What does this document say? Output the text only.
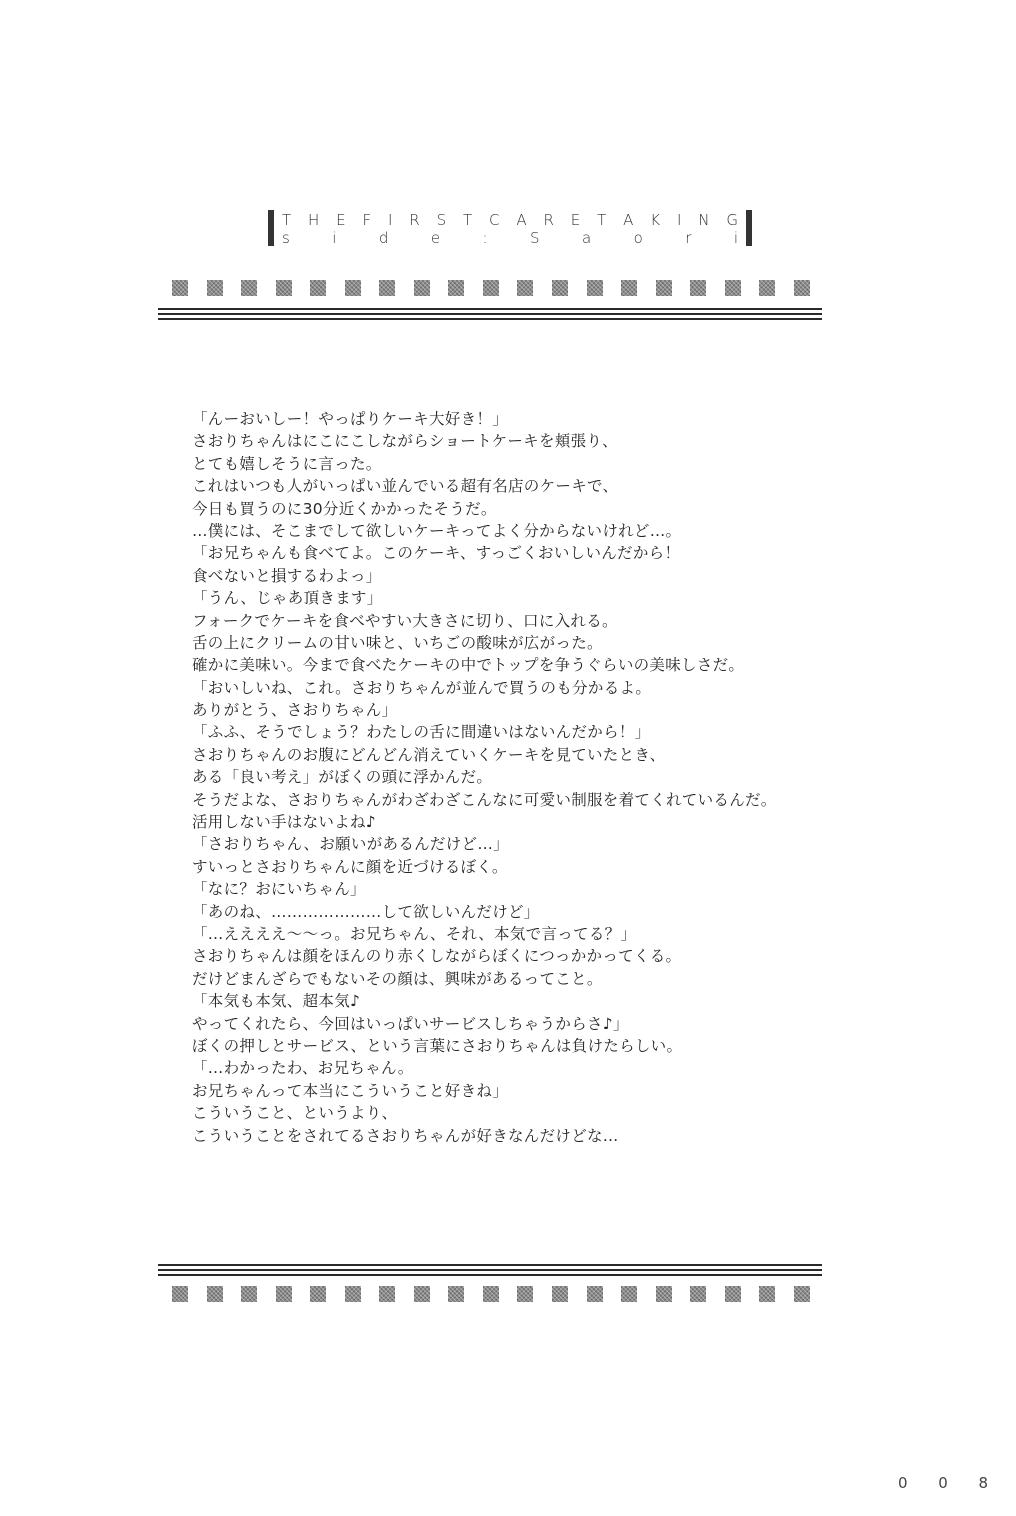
T H E F I R S T C A R E T A K I N G
s i d e : S a o r i
「んーおいしー！やっぱりケーキ大好き！」
さおりちゃんはにこにこしながらショートケーキを頬張り、
とても嬉しそうに言った。
これはいつも人がいっぱい並んでいる超有名店のケーキで、
今日も買うのに30分近くかかったそうだ。
…僕には、そこまでして欲しいケーキってよく分からないけれど…。
「お兄ちゃんも食べてよ。このケーキ、すっごくおいしいんだから！
食べないと損するわよっ」
「うん、じゃあ頂きます」
フォークでケーキを食べやすい大きさに切り、口に入れる。
舌の上にクリームの甘い味と、いちごの酸味が広がった。
確かに美味い。今まで食べたケーキの中でトップを争うぐらいの美味しさだ。
「おいしいね、これ。さおりちゃんが並んで買うのも分かるよ。
ありがとう、さおりちゃん」
「ふふ、そうでしょう？わたしの舌に間違いはないんだから！」
さおりちゃんのお腹にどんどん消えていくケーキを見ていたとき、
ある「良い考え」がぼくの頭に浮かんだ。
そうだよな、さおりちゃんがわざわざこんなに可愛い制服を着てくれているんだ。
活用しない手はないよね♪
「さおりちゃん、お願いがあるんだけど…」
すいっとさおりちゃんに顔を近づけるぼく。
「なに？おにいちゃん」
「あのね、…………………して欲しいんだけど」
「…ええええ～～っ。お兄ちゃん、それ、本気で言ってる？」
さおりちゃんは顔をほんのり赤くしながらぼくにつっかかってくる。
だけどまんざらでもないその顔は、興味があるってこと。
「本気も本気、超本気♪
やってくれたら、今回はいっぱいサービスしちゃうからさ♪」
ぼくの押しとサービス、という言葉にさおりちゃんは負けたらしい。
「…わかったわ、お兄ちゃん。
お兄ちゃんって本当にこういうこと好きね」
こういうこと、というより、
こういうことをされてるさおりちゃんが好きなんだけどな…
0 0 8
